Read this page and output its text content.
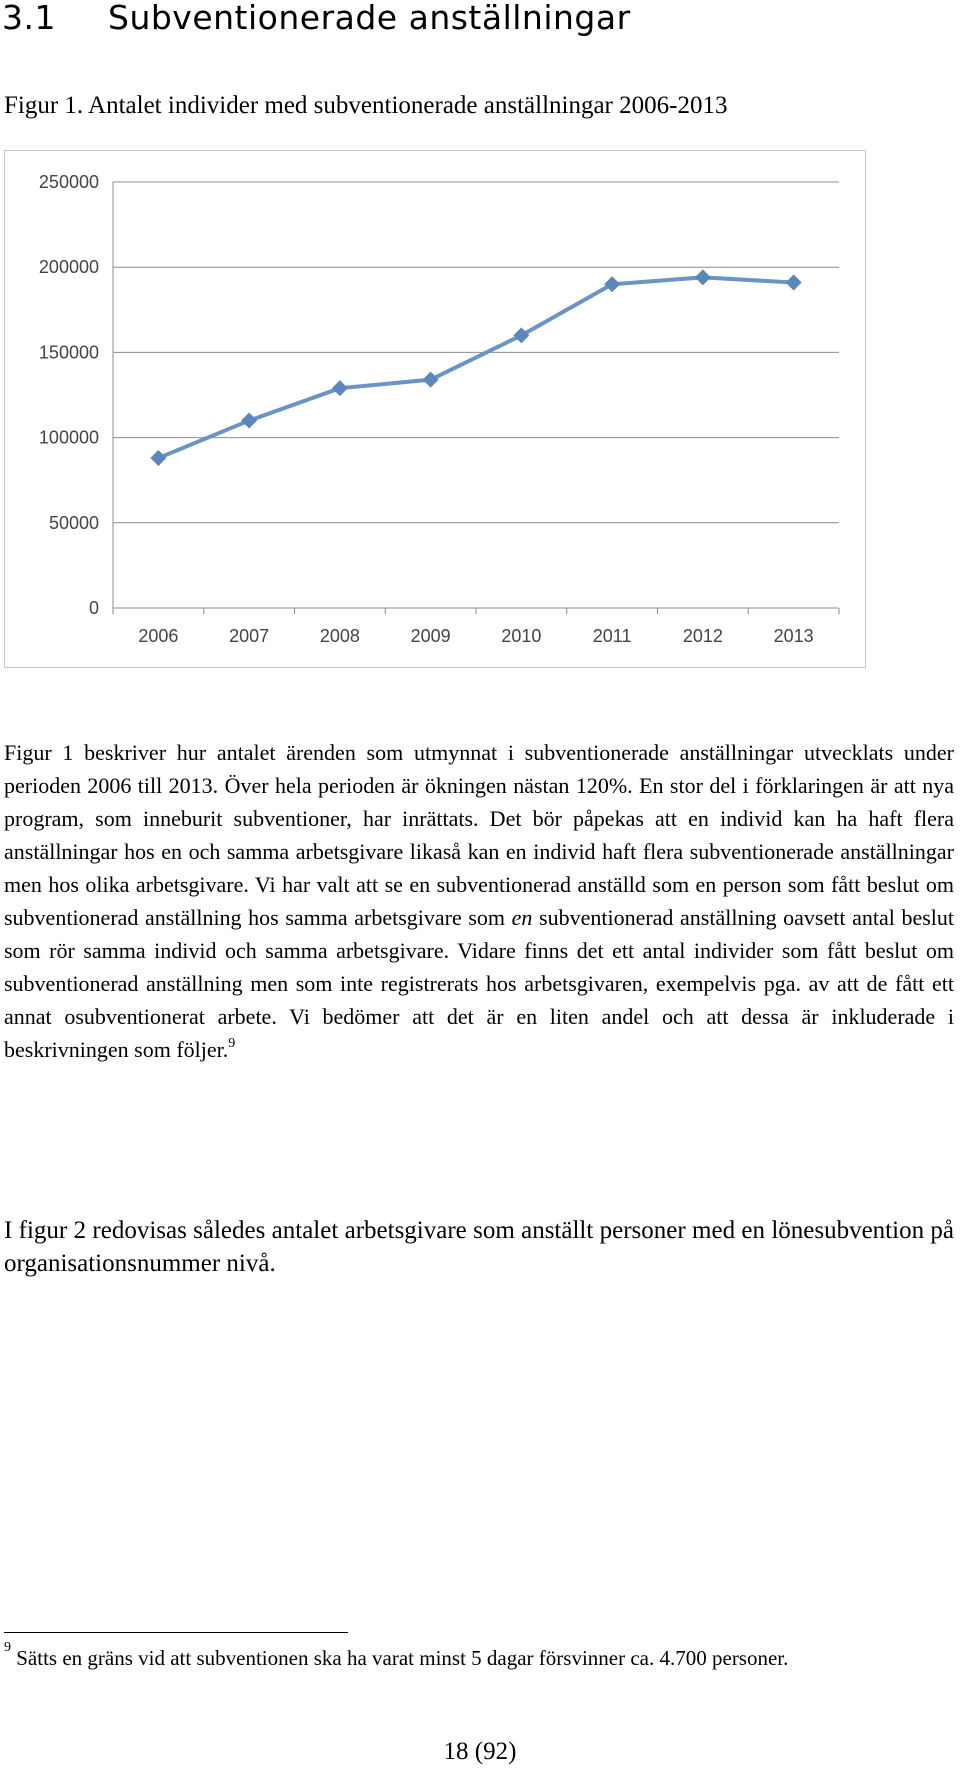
3.1 Subventionerade anställningar

Figur 1. Antalet individer med subventionerade anställningar 2006-2013

0
50000
100000
150000
200000
250000
2006	2007	2008	2009	2010	2011	2012	2013

Figur 1 beskriver hur antalet ärenden som utmynnat i subventionerade anställningar utvecklats under perioden 2006 till 2013. Över hela perioden är ökningen nästan 120%. En stor del i förklaringen är att nya program, som inneburit subventioner, har inrättats. Det bör påpekas att en individ kan ha haft flera anställningar hos en och samma arbetsgivare likaså kan en individ haft flera subventionerade anställningar men hos olika arbetsgivare. Vi har valt att se en subventionerad anställd som en person som fått beslut om subventionerad anställning hos samma arbetsgivare som en subventionerad anställning oavsett antal beslut som rör samma individ och samma arbetsgivare. Vidare finns det ett antal individer som fått beslut om subventionerad anställning men som inte registrerats hos arbetsgivaren, exempelvis pga. av att de fått ett annat osubventionerat arbete. Vi bedömer att det är en liten andel och att dessa är inkluderade i beskrivningen som följer.$^9$

I figur 2 redovisas således antalet arbetsgivare som anställt personer med en lönesubvention på organisationsnummer nivå.

$^9$ Sätts en gräns vid att subventionen ska ha varat minst 5 dagar försvinner ca. 4.700 personer.

18 (92)
